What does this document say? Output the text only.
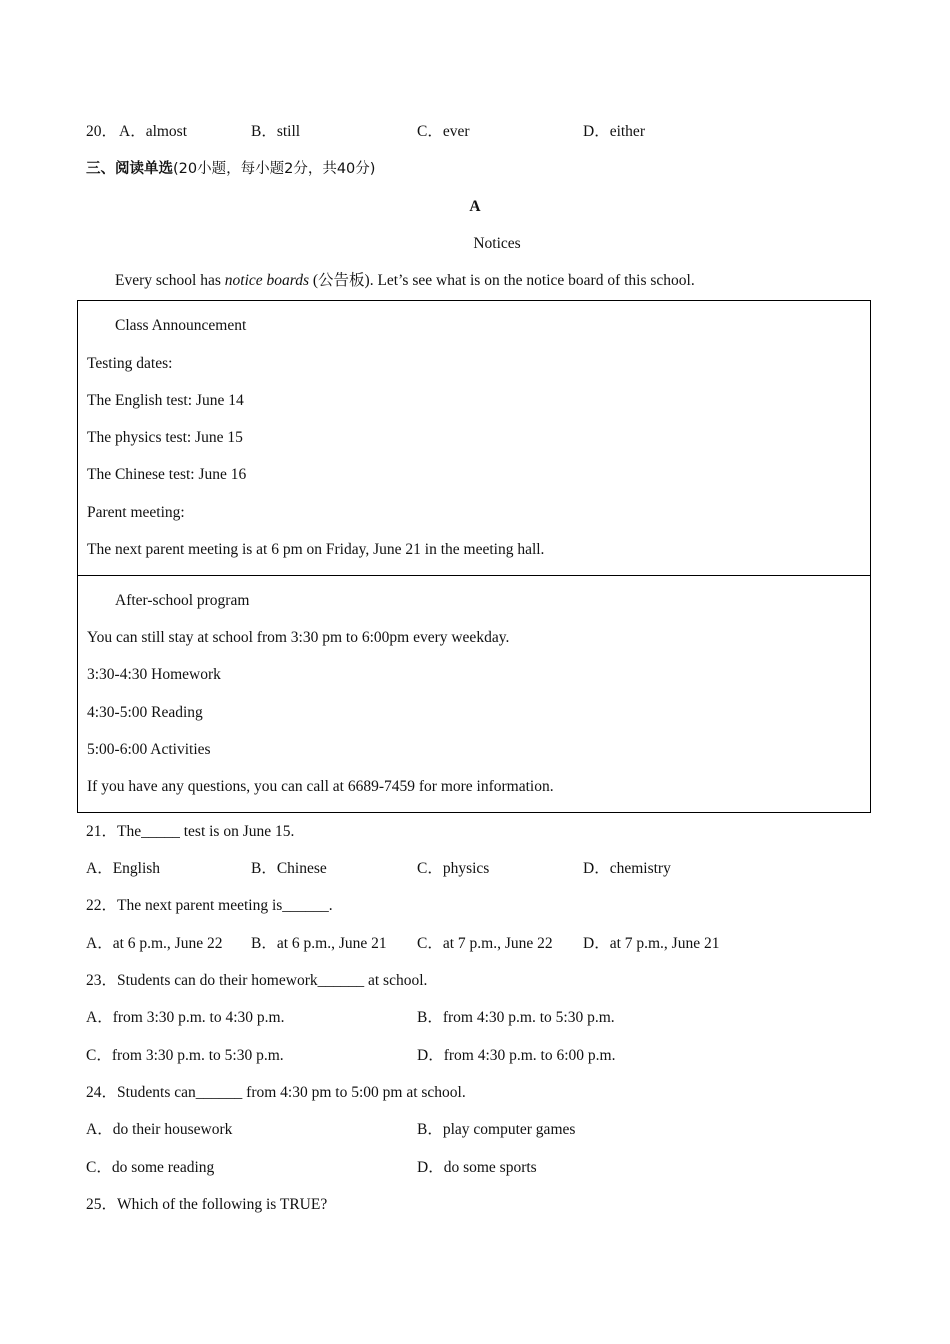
20． A．almost	B．still	C．ever	D．either
三、阅读单选(20小题，每小题2分，共40分)
A
Notices
Every school has notice boards (公告板). Let’s see what is on the notice board of this school.
Class Announcement
Testing dates:
The English test: June 14
The physics test: June 15
The Chinese test: June 16
Parent meeting:
The next parent meeting is at 6 pm on Friday, June 21 in the meeting hall.
After-school program
You can still stay at school from 3:30 pm to 6:00pm every weekday.
3:30-4:30 Homework
4:30-5:00 Reading
5:00-6:00 Activities
If you have any questions, you can call at 6689-7459 for more information.
21．The_____ test is on June 15.
A．English	B．Chinese	C．physics	D．chemistry
22．The next parent meeting is______.
A．at 6 p.m., June 22 B．at 6 p.m., June 21 C．at 7 p.m., June 22 D．at 7 p.m., June 21
23．Students can do their homework______ at school.
A．from 3:30 p.m. to 4:30 p.m.	B．from 4:30 p.m. to 5:30 p.m.
C．from 3:30 p.m. to 5:30 p.m.	D．from 4:30 p.m. to 6:00 p.m.
24．Students can______ from 4:30 pm to 5:00 pm at school.
A．do their housework	B．play computer games
C．do some reading	D．do some sports
25．Which of the following is TRUE?
